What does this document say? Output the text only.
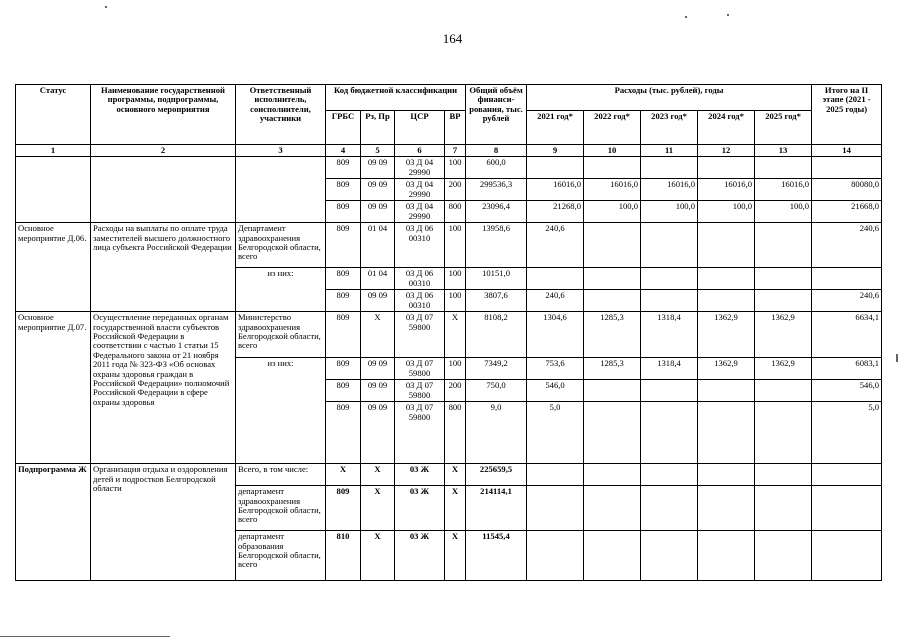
164
Статус	Наименование государственной программы, подпрограммы, основного мероприятия	Ответственный исполнитель, соисполнители, участники	Код бюджетной классификации				Общий объём финанси-рования, тыс. рублей	Расходы (тыс. рублей), годы					Итого на II этапе (2021 - 2025 годы)
			ГРБС	Рз, Пр	ЦСР	ВР		2021 год*	2022 год*	2023 год*	2024 год*	2025 год*	
1	2	3	4	5	6	7	8	9	10	11	12	13	14
			809	09 09	03 Д 04 29990	100	600,0						
			809	09 09	03 Д 04 29990	200	299536,3	16016,0	16016,0	16016,0	16016,0	16016,0	80080,0
			809	09 09	03 Д 04 29990	800	23096,4	21268,0	100,0	100,0	100,0	100,0	21668,0
Основное мероприятие Д.06.	Расходы на выплаты по оплате труда заместителей высшего должностного лица субъекта Российской Федерации	Департамент здравоохранения Белгородской области, всего	809	01 04	03 Д 06 00310	100	13958,6	240,6					240,6
		из них:	809	01 04	03 Д 06 00310	100	10151,0						
			809	09 09	03 Д 06 00310	100	3807,6	240,6					240,6
Основное мероприятие Д.07.	Осуществление переданных органам государственной власти субъектов Российской Федерации в соответствии с частью 1 статьи 15 Федерального закона от 21 ноября 2011 года № 323-ФЗ «Об основах охраны здоровья граждан в Российской Федерации» полномочий Российской Федерации в сфере охраны здоровья	Министерство здравоохранения Белгородской области, всего	809	Х	03 Д 07 59800	Х	8108,2	1304,6	1285,3	1318,4	1362,9	1362,9	6634,1
		из них:	809	09 09	03 Д 07 59800	100	7349,2	753,6	1285,3	1318,4	1362,9	1362,9	6083,1
			809	09 09	03 Д 07 59800	200	750,0	546,0					546,0
			809	09 09	03 Д 07 59800	800	9,0	5,0					5,0
Подпрограмма Ж	Организация отдыха и оздоровления детей и подростков Белгородской области	Всего, в том числе:	Х	Х	03 Ж	Х	225659,5						
		департамент здравоохранения Белгородской области, всего	809	Х	03 Ж	Х	214114,1						
		департамент образования Белгородской области, всего	810	Х	03 Ж	Х	11545,4						
